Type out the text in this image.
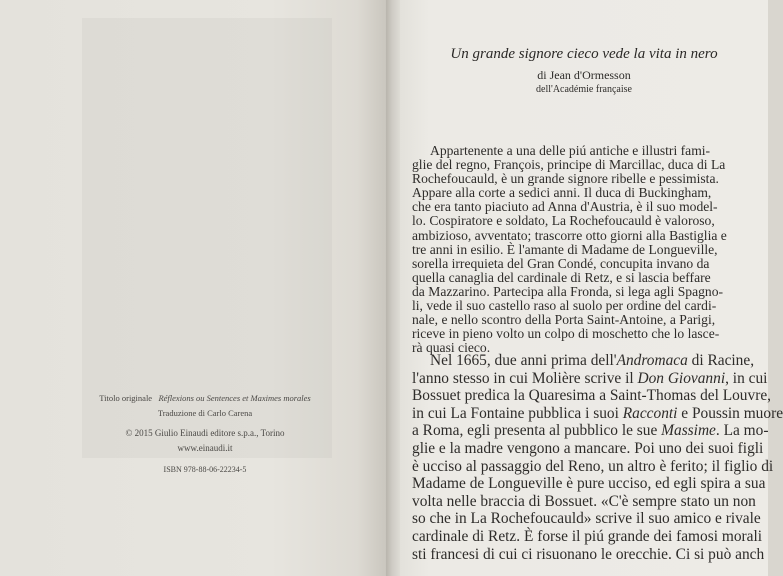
Titolo originale Réflexions ou Sentences et Maximes morales
Traduzione di Carlo Carena
© 2015 Giulio Einaudi editore s.p.a., Torino
www.einaudi.it
ISBN 978-88-06-22234-5
Un grande signore cieco vede la vita in nero
di Jean d'Ormesson
dell'Académie française
Appartenente a una delle piú antiche e illustri fami-
glie del regno, François, principe di Marcillac, duca di La
Rochefoucauld, è un grande signore ribelle e pessimista.
Appare alla corte a sedici anni. Il duca di Buckingham,
che era tanto piaciuto ad Anna d'Austria, è il suo model-
lo. Cospiratore e soldato, La Rochefoucauld è valoroso,
ambizioso, avventato; trascorre otto giorni alla Bastiglia e
tre anni in esilio. È l'amante di Madame de Longueville,
sorella irrequieta del Gran Condé, concupita invano da
quella canaglia del cardinale di Retz, e si lascia beffare
da Mazzarino. Partecipa alla Fronda, si lega agli Spagno-
li, vede il suo castello raso al suolo per ordine del cardi-
nale, e nello scontro della Porta Saint-Antoine, a Parigi,
riceve in pieno volto un colpo di moschetto che lo lasce-
rà quasi cieco.
Nel 1665, due anni prima dell'Andromaca di Racine,
l'anno stesso in cui Molière scrive il Don Giovanni, in cui
Bossuet predica la Quaresima a Saint-Thomas del Louvre,
in cui La Fontaine pubblica i suoi Racconti e Poussin muore
a Roma, egli presenta al pubblico le sue Massime. La mo-
glie e la madre vengono a mancare. Poi uno dei suoi figli
è ucciso al passaggio del Reno, un altro è ferito; il figlio di
Madame de Longueville è pure ucciso, ed egli spira a sua
volta nelle braccia di Bossuet. «C'è sempre stato un non
so che in La Rochefoucauld» scrive il suo amico e rivale
cardinale di Retz. È forse il piú grande dei famosi morali
sti francesi di cui ci risuonano le orecchie. Ci si può anch
